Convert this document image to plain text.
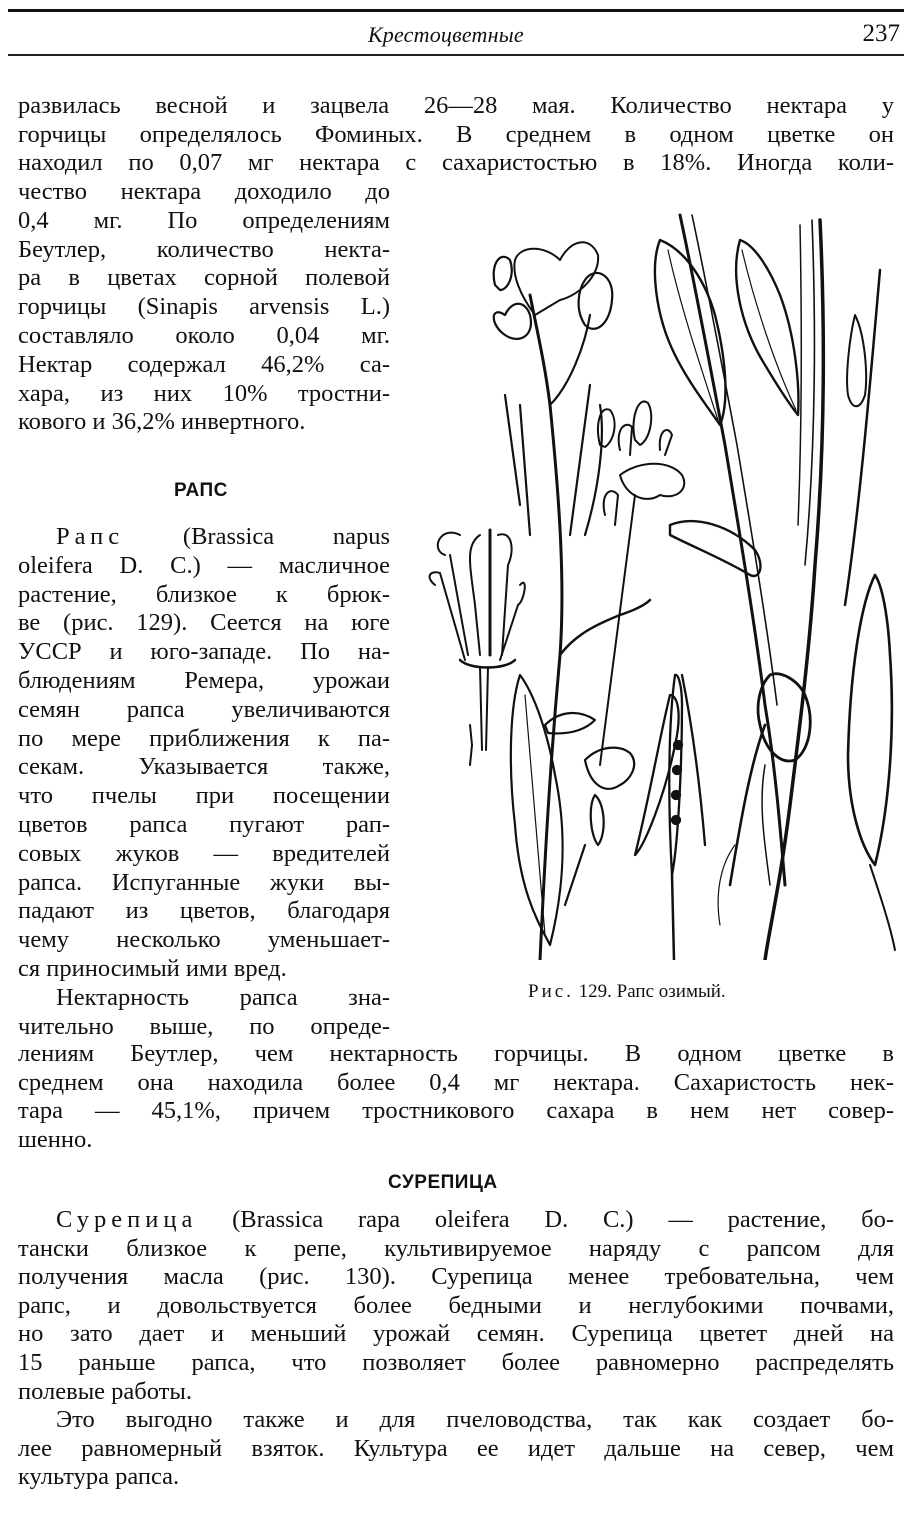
Крестоцветные	237
развилась весной и зацвела 26—28 мая. Количество нектара у
горчицы определялось Фоминых. В среднем в одном цветке он
находил по 0,07 мг нектара с сахаристостью в 18%. Иногда коли-
чество нектара доходило до
0,4 мг. По определениям
Беутлер, количество некта-
ра в цветах сорной полевой
горчицы (Sinapis arvensis L.)
составляло около 0,04 мг.
Нектар содержал 46,2% са-
хара, из них 10% тростни-
кового и 36,2% инвертного.
РАПС
Рапс (Brassica napus
oleifera D. C.) — масличное
растение, близкое к брюк-
ве (рис. 129). Сеется на юге
УССР и юго-западе. По на-
блюдениям Ремера, урожаи
семян рапса увеличиваются
по мере приближения к па-
секам. Указывается также,
что пчелы при посещении
цветов рапса пугают рап-
совых жуков — вредителей
рапса. Испуганные жуки вы-
падают из цветов, благодаря
чему несколько уменьшает-
ся приносимый ими вред.
Нектарность рапса зна-
чительно выше, по опреде-
лениям Беутлер, чем нектарность горчицы. В одном цветке в
среднем она находила более 0,4 мг нектара. Сахаристость нек-
тара — 45,1%, причем тростникового сахара в нем нет совер-
шенно.
Рис. 129. Рапс озимый.
СУРЕПИЦА
Сурепица (Brassica rapa oleifera D. C.) — растение, бо-
тански близкое к репе, культивируемое наряду с рапсом для
получения масла (рис. 130). Сурепица менее требовательна, чем
рапс, и довольствуется более бедными и неглубокими почвами,
но зато дает и меньший урожай семян. Сурепица цветет дней на
15 раньше рапса, что позволяет более равномерно распределять
полевые работы.
Это выгодно также и для пчеловодства, так как создает бо-
лее равномерный взяток. Культура ее идет дальше на север, чем
культура рапса.
